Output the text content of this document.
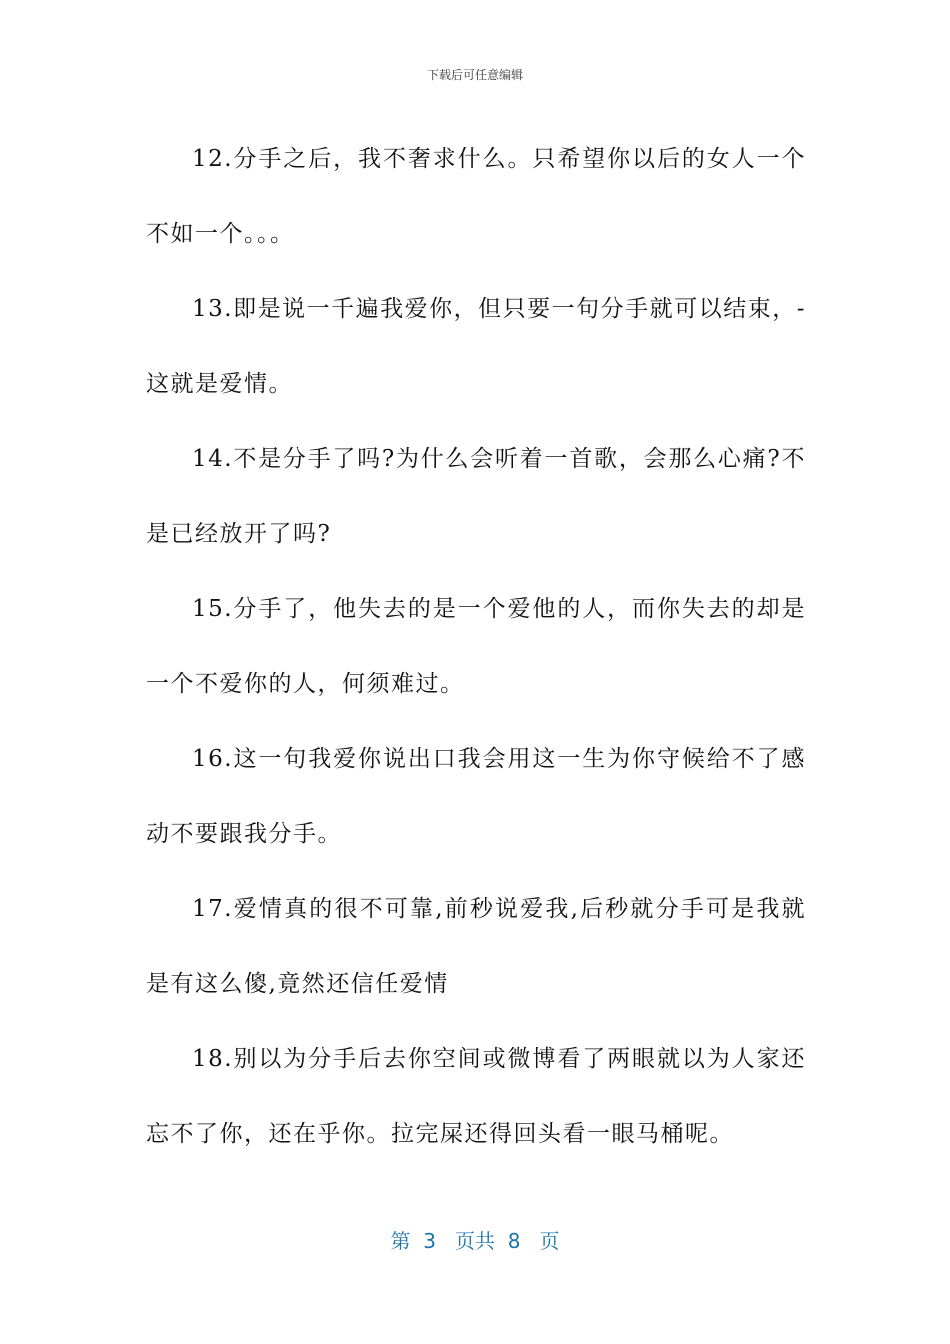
下载后可任意编辑

12.分手之后，我不奢求什么。只希望你以后的女人一个不如一个。。。

13.即是说一千遍我爱你，但只要一句分手就可以结束，-这就是爱情。

14.不是分手了吗?为什么会听着一首歌，会那么心痛?不是已经放开了吗?

15.分手了，他失去的是一个爱他的人，而你失去的却是一个不爱你的人，何须难过。

16.这一句我爱你说出口我会用这一生为你守候给不了感动不要跟我分手。

17.爱情真的很不可靠,前秒说爱我,后秒就分手可是我就是有这么傻,竟然还信任爱情

18.别以为分手后去你空间或微博看了两眼就以为人家还忘不了你，还在乎你。拉完屎还得回头看一眼马桶呢。

第 3 页共 8 页
